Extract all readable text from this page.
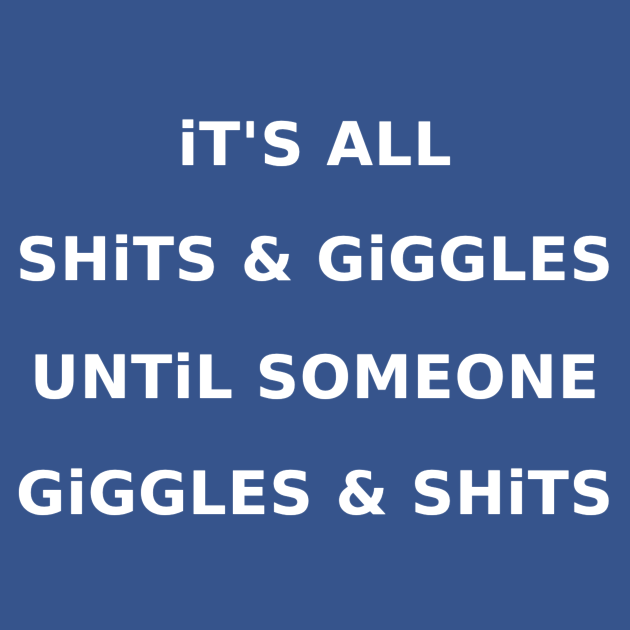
iT'S ALL
SHiTS & GiGGLES
UNTiL SOMEONE
GiGGLES & SHiTS
